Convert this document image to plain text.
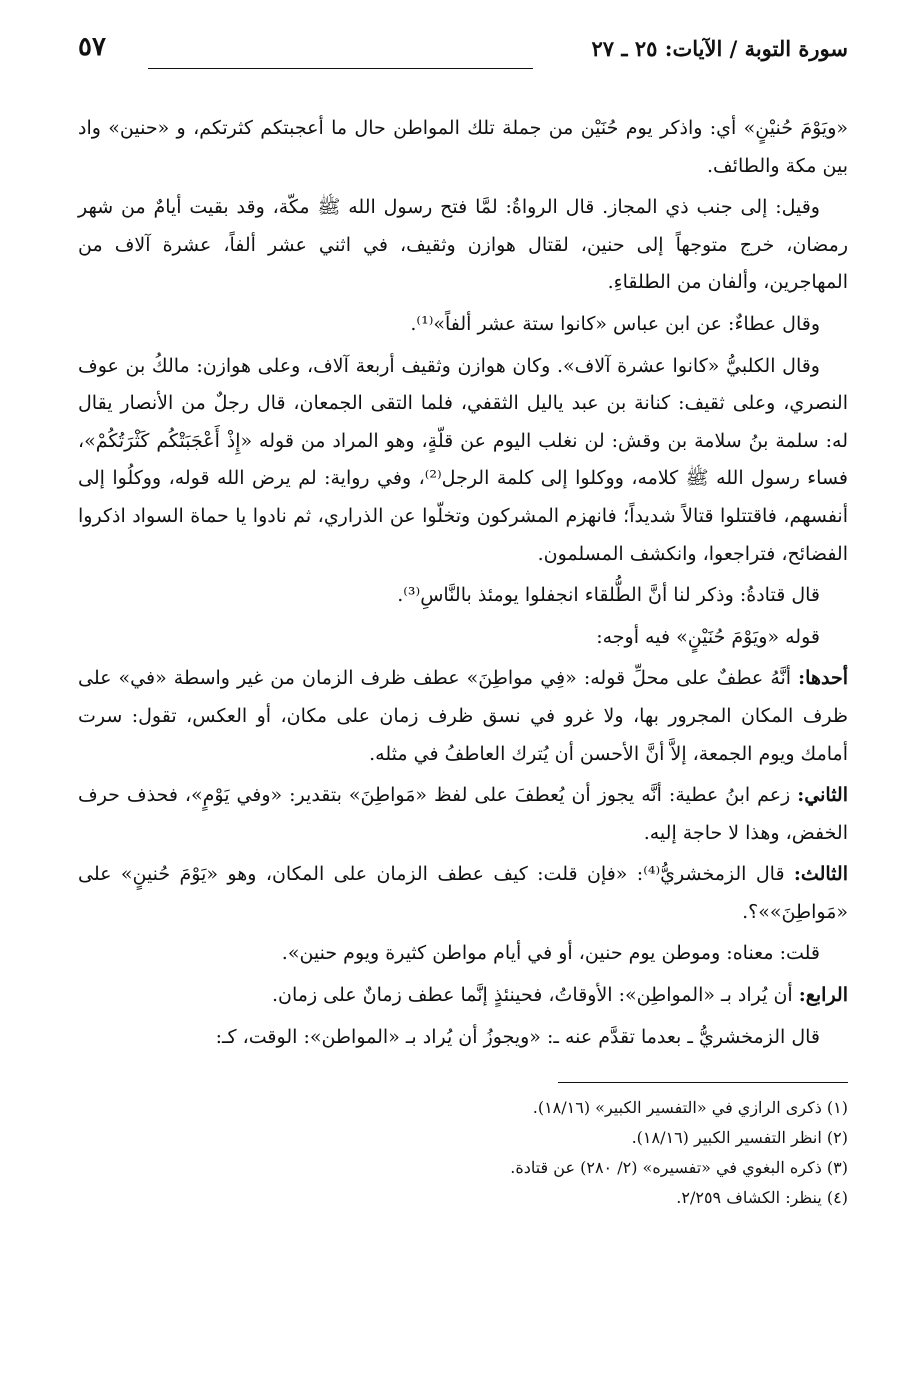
سورة التوبة / الآيات: ٢٥ ـ ٢٧
٥٧

«ويَوْمَ حُنيْنٍ» أي: واذكر يوم حُنَيْن من جملة تلك المواطن حال ما أعجبتكم كثرتكم، و «حنين» واد بين مكة والطائف.

وقيل: إلى جنب ذي المجاز. قال الرواةُ: لمَّا فتح رسول الله ﷺ مكّة، وقد بقيت أيامٌ من شهر رمضان، خرج متوجهاً إلى حنين، لقتال هوازن وثقيف، في اثني عشر ألفاً، عشرة آلاف من المهاجرين، وألفان من الطلقاءِ.

وقال عطاءٌ: عن ابن عباس «كانوا ستة عشر ألفاً»⁽¹⁾.

وقال الكلبيُّ «كانوا عشرة آلاف». وكان هوازن وثقيف أربعة آلاف، وعلى هوازن: مالكُ بن عوف النصري، وعلى ثقيف: كنانة بن عبد ياليل الثقفي، فلما التقى الجمعان، قال رجلٌ من الأنصار يقال له: سلمة بنُ سلامة بن وقش: لن نغلب اليوم عن قلّةٍ، وهو المراد من قوله «إِذْ أَعْجَبَتْكُم كَثْرَتُكُمْ»، فساء رسول الله ﷺ كلامه، ووكلوا إلى كلمة الرجل⁽²⁾، وفي رواية: لم يرض الله قوله، ووكلُوا إلى أنفسهم، فاقتتلوا قتالاً شديداً؛ فانهزم المشركون وتخلّوا عن الذراري، ثم نادوا يا حماة السواد اذكروا الفضائح، فتراجعوا، وانكشف المسلمون.

قال قتادةُ: وذكر لنا أنَّ الطُّلقاء انجفلوا يومئذ بالنَّاسِ⁽³⁾.

قوله «ويَوْمَ حُنَيْنٍ» فيه أوجه:

أحدها: أنَّهُ عطفٌ على محلِّ قوله: «فِي مواطِنَ» عطف ظرف الزمان من غير واسطة «في» على ظرف المكان المجرور بها، ولا غرو في نسق ظرف زمان على مكان، أو العكس، تقول: سرت أمامك ويوم الجمعة، إلاَّ أنَّ الأحسن أن يُترك العاطفُ في مثله.

الثاني: زعم ابنُ عطية: أنَّه يجوز أن يُعطفَ على لفظ «مَواطِنَ» بتقدير: «وفي يَوْمٍ»، فحذف حرف الخفض، وهذا لا حاجة إليه.

الثالث: قال الزمخشريُّ⁽⁴⁾: «فإن قلت: كيف عطف الزمان على المكان، وهو «يَوْمَ حُنينٍ» على «مَواطِنَ»»؟.

قلت: معناه: وموطن يوم حنين، أو في أيام مواطن كثيرة ويوم حنين».

الرابع: أن يُراد بـ «المواطِن»: الأوقاتُ، فحينئذٍ إنَّما عطف زمانٌ على زمان.

قال الزمخشريُّ ـ بعدما تقدَّم عنه ـ: «ويجوزُ أن يُراد بـ «المواطن»: الوقت، كـ:

(١) ذكرى الرازي في «التفسير الكبير» (١٨/١٦).

(٢) انظر التفسير الكبير (١٨/١٦).

(٣) ذكره البغوي في «تفسيره» (٢/ ٢٨٠) عن قتادة.

(٤) ينظر: الكشاف ٢/٢٥٩.
